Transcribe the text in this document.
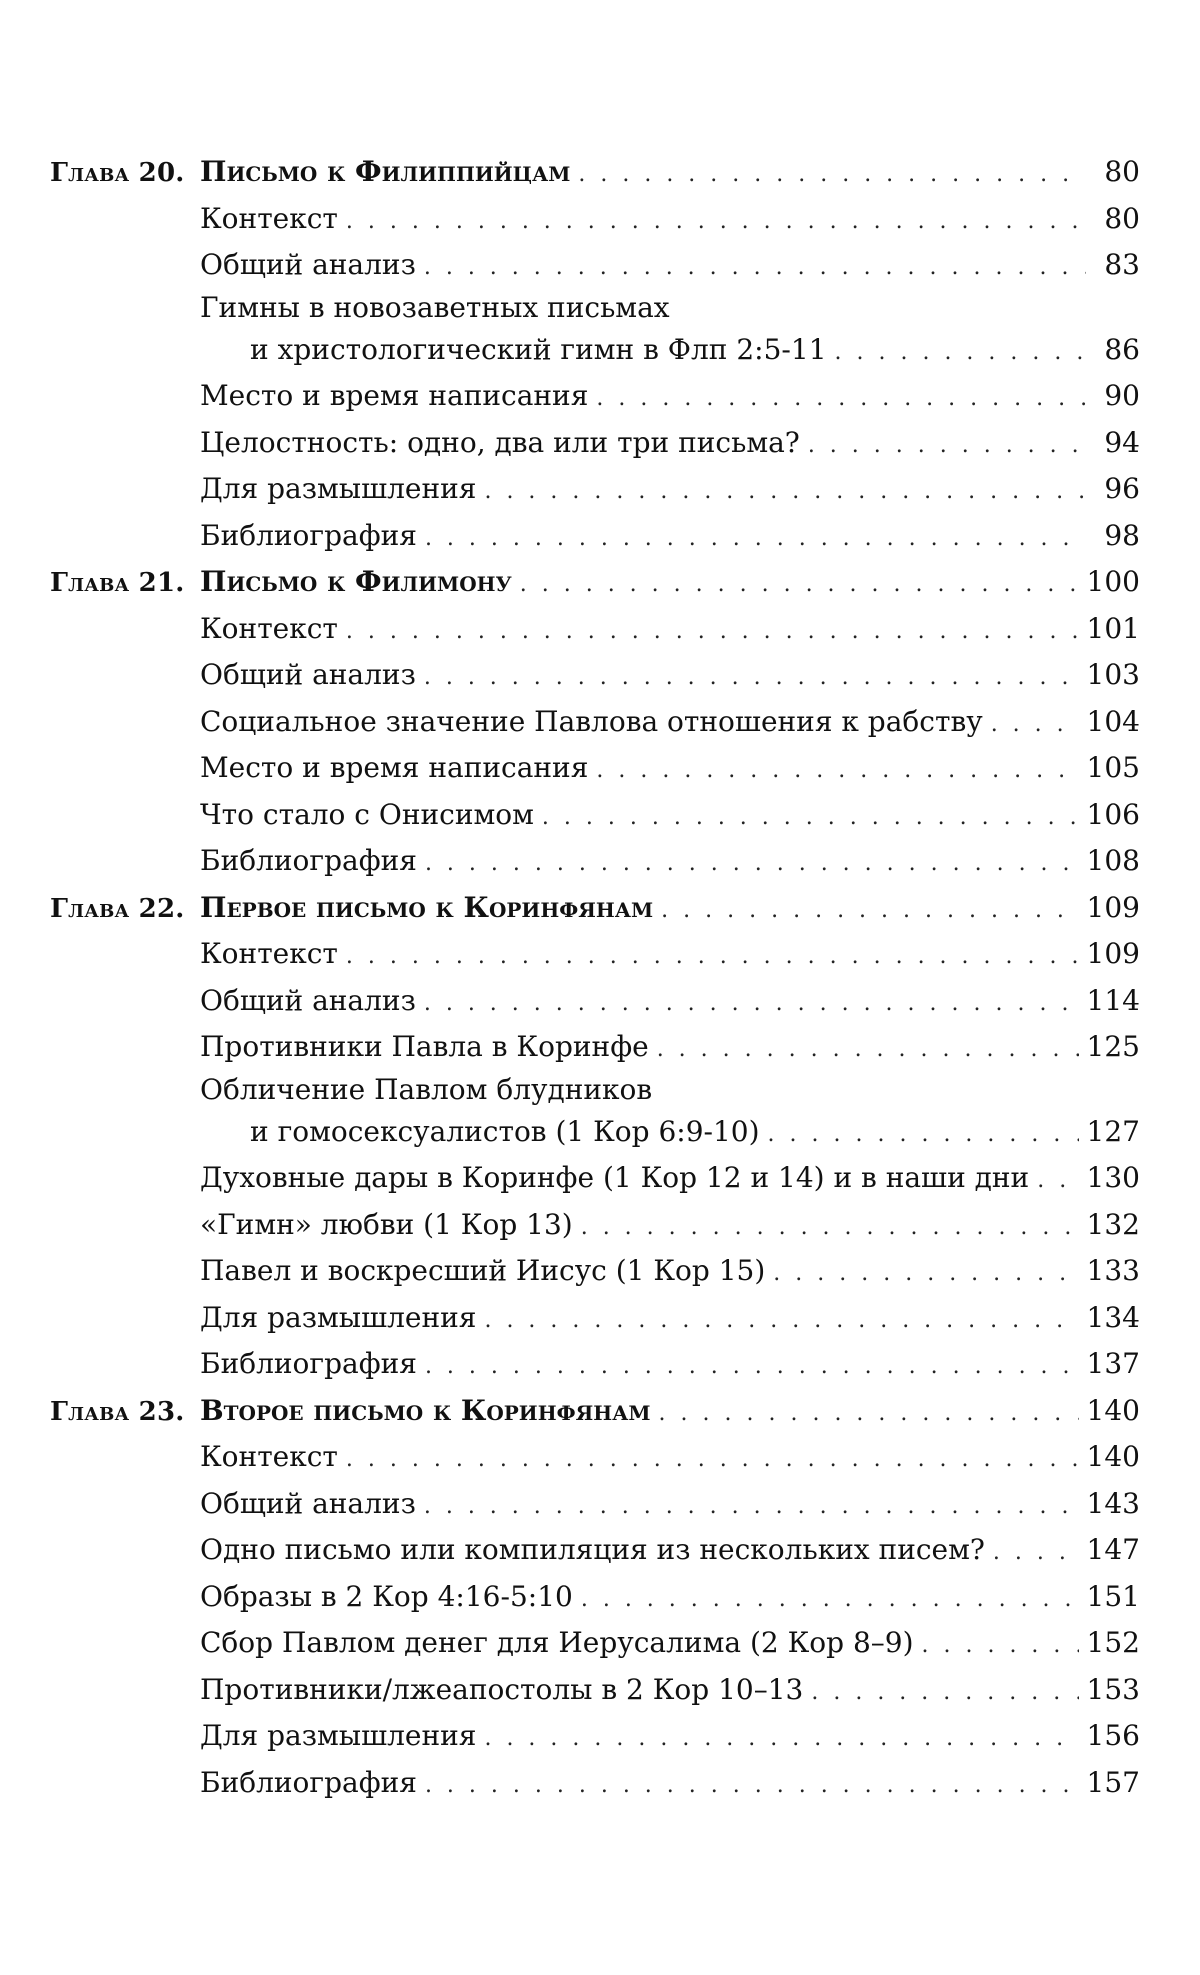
Глава 20. Письмо к Филиппийцам . . .	80
Контекст . . .	80
Общий анализ . . .	83
Гимны в новозаветных письмах
и христологический гимн в Флп 2:5-11 . . .	86
Место и время написания . . .	90
Целостность: одно, два или три письма? . . .	94
Для размышления . . .	96
Библиография . . .	98
Глава 21. Письмо к Филимону . . .	100
Контекст . . .	101
Общий анализ . . .	103
Социальное значение Павлова отношения к рабству . . .	104
Место и время написания . . .	105
Что стало с Онисимом . . .	106
Библиография . . .	108
Глава 22. Первое письмо к Коринфянам . . .	109
Контекст . . .	109
Общий анализ . . .	114
Противники Павла в Коринфе . . .	125
Обличение Павлом блудников
и гомосексуалистов (1 Кор 6:9-10) . . .	127
Духовные дары в Коринфе (1 Кор 12 и 14) и в наши дни . . . 130
«Гимн» любви (1 Кор 13) . . .	132
Павел и воскресший Иисус (1 Кор 15) . . .	133
Для размышления . . .	134
Библиография . . .	137
Глава 23. Второе письмо к Коринфянам . . .	140
Контекст . . .	140
Общий анализ . . .	143
Одно письмо или компиляция из нескольких писем? . . .	147
Образы в 2 Кор 4:16-5:10 . . .	151
Сбор Павлом денег для Иерусалима (2 Кор 8–9) . . .	152
Противники/лжеапостолы в 2 Кор 10–13 . . .	153
Для размышления . . .	156
Библиография . . .	157
